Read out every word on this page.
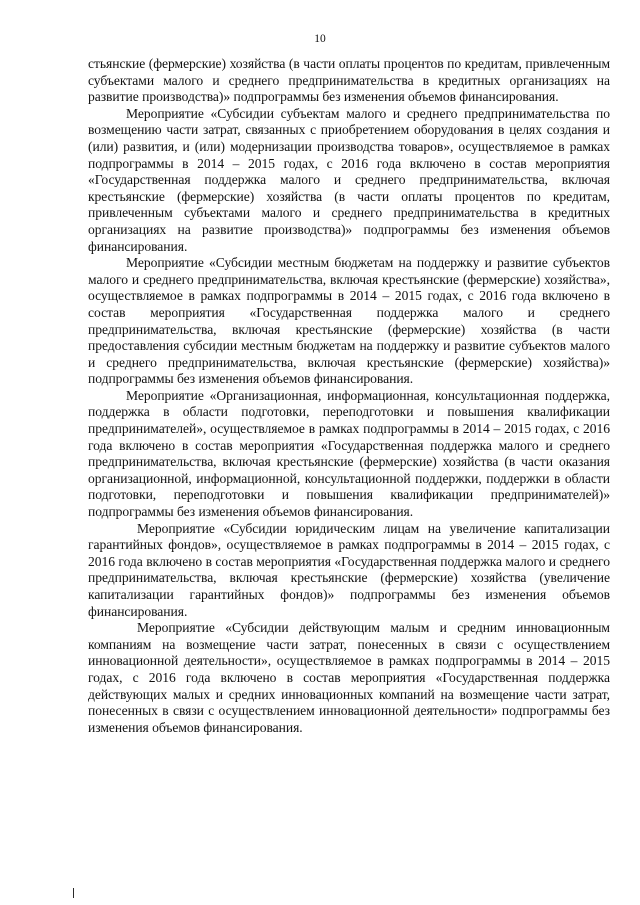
10

стьянские (фермерские) хозяйства (в части оплаты процентов по кредитам, привлеченным субъектами малого и среднего предпринимательства в кредитных организациях на развитие производства)» подпрограммы без изменения объемов финансирования.

Мероприятие «Субсидии субъектам малого и среднего предпринимательства по возмещению части затрат, связанных с приобретением оборудования в целях создания и (или) развития, и (или) модернизации производства товаров», осуществляемое в рамках подпрограммы в 2014 – 2015 годах, с 2016 года включено в состав мероприятия «Государственная поддержка малого и среднего предпринимательства, включая крестьянские (фермерские) хозяйства (в части оплаты процентов по кредитам, привлеченным субъектами малого и среднего предпринимательства в кредитных организациях на развитие производства)» подпрограммы без изменения объемов финансирования.

Мероприятие «Субсидии местным бюджетам на поддержку и развитие субъектов малого и среднего предпринимательства, включая крестьянские (фермерские) хозяйства», осуществляемое в рамках подпрограммы в 2014 – 2015 годах, с 2016 года включено в состав мероприятия «Государственная поддержка малого и среднего предпринимательства, включая крестьянские (фермерские) хозяйства (в части предоставления субсидии местным бюджетам на поддержку и развитие субъектов малого и среднего предпринимательства, включая крестьянские (фермерские) хозяйства)» подпрограммы без изменения объемов финансирования.

Мероприятие «Организационная, информационная, консультационная поддержка, поддержка в области подготовки, переподготовки и повышения квалификации предпринимателей», осуществляемое в рамках подпрограммы в 2014 – 2015 годах, с 2016 года включено в состав мероприятия «Государственная поддержка малого и среднего предпринимательства, включая крестьянские (фермерские) хозяйства (в части оказания организационной, информационной, консультационной поддержки, поддержки в области подготовки, переподготовки и повышения квалификации предпринимателей)» подпрограммы без изменения объемов финансирования.

Мероприятие «Субсидии юридическим лицам на увеличение капитализации гарантийных фондов», осуществляемое в рамках подпрограммы в 2014 – 2015 годах, с 2016 года включено в состав мероприятия «Государственная поддержка малого и среднего предпринимательства, включая крестьянские (фермерские) хозяйства (увеличение капитализации гарантийных фондов)» подпрограммы без изменения объемов финансирования.

Мероприятие «Субсидии действующим малым и средним инновационным компаниям на возмещение части затрат, понесенных в связи с осуществлением инновационной деятельности», осуществляемое в рамках подпрограммы в 2014 – 2015 годах, с 2016 года включено в состав мероприятия «Государственная поддержка действующих малых и средних инновационных компаний на возмещение части затрат, понесенных в связи с осуществлением инновационной деятельности» подпрограммы без изменения объемов финансирования.
